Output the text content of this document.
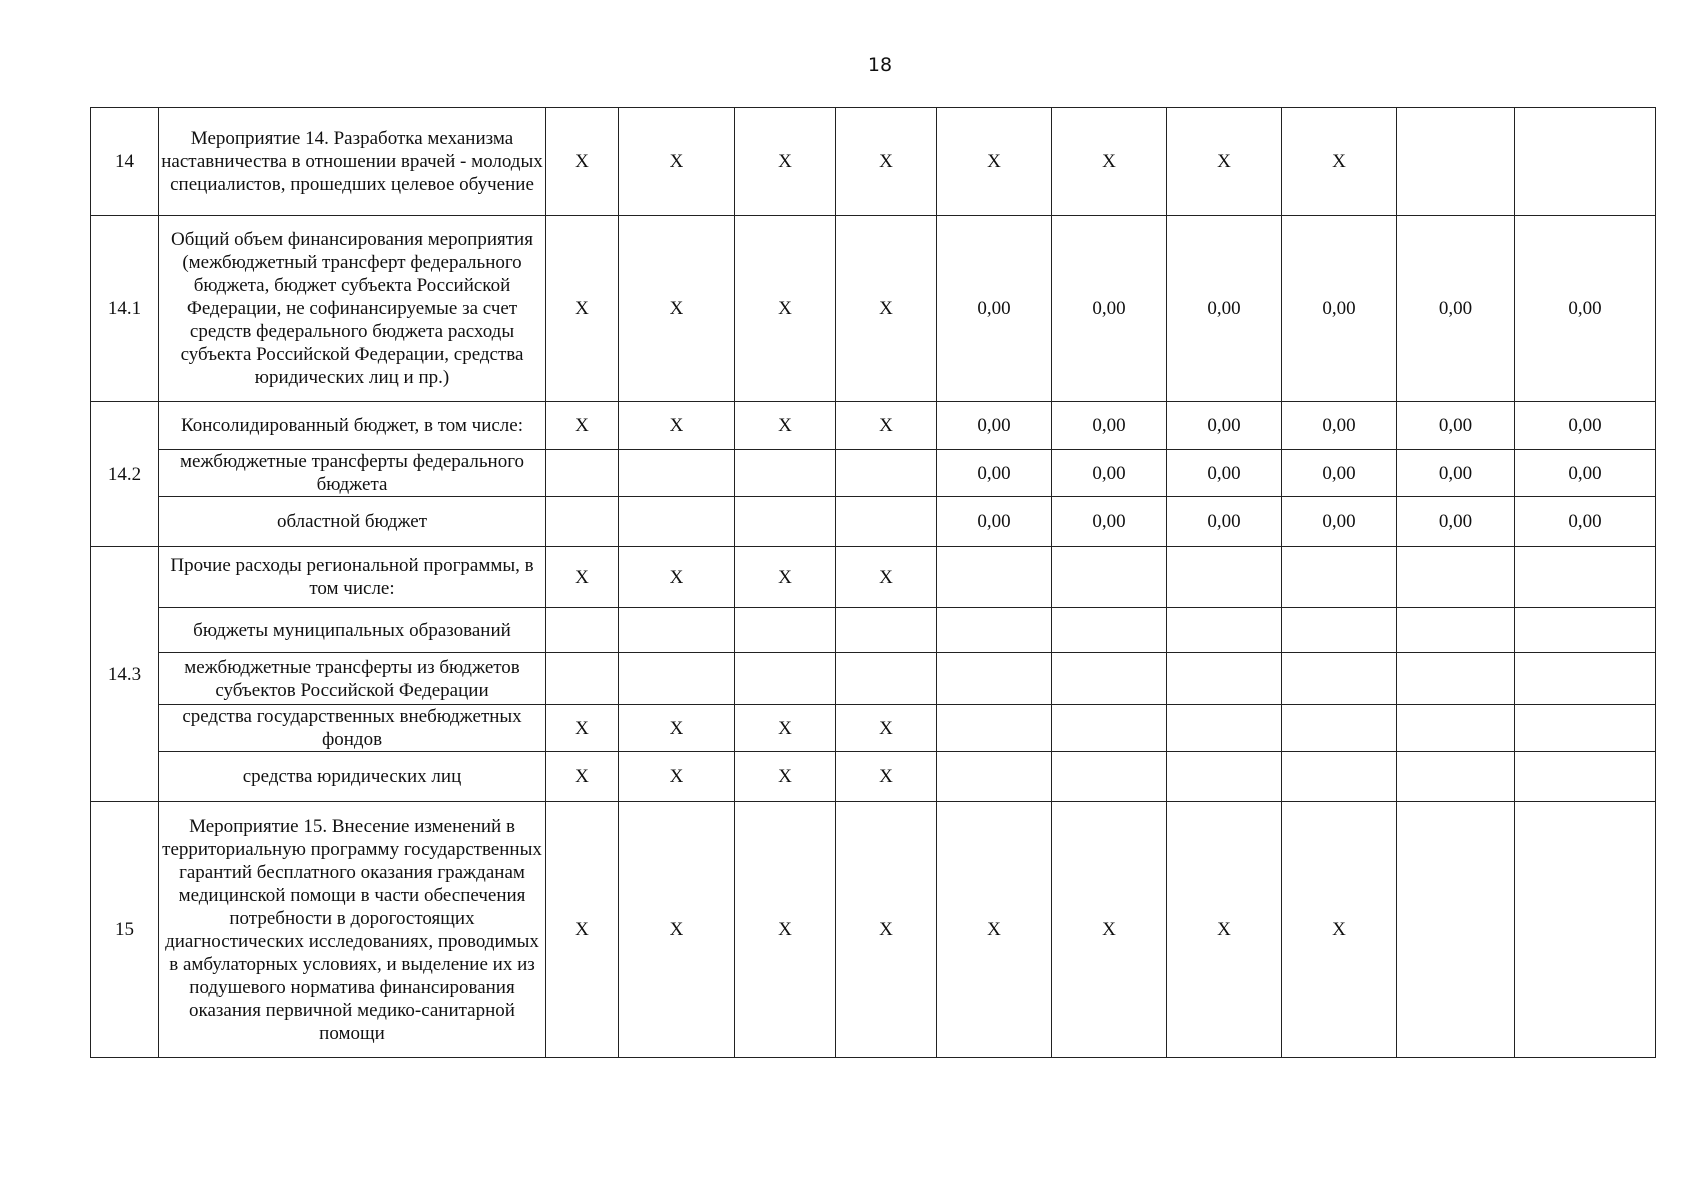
18
14	Мероприятие 14. Разработка механизма наставничества в отношении врачей - молодых специалистов, прошедших целевое обучение	X	X	X	X	X	X	X	X		
14.1	Общий объем финансирования мероприятия (межбюджетный трансферт федерального бюджета, бюджет субъекта Российской Федерации, не софинансируемые за счет средств федерального бюджета расходы субъекта Российской Федерации, средства юридических лиц и пр.)	X	X	X	X	0,00	0,00	0,00	0,00	0,00	0,00
14.2	Консолидированный бюджет, в том числе:	X	X	X	X	0,00	0,00	0,00	0,00	0,00	0,00
	межбюджетные трансферты федерального бюджета					0,00	0,00	0,00	0,00	0,00	0,00
	областной бюджет					0,00	0,00	0,00	0,00	0,00	0,00
14.3	Прочие расходы региональной программы, в том числе:	X	X	X	X						
	бюджеты муниципальных образований										
	межбюджетные трансферты из бюджетов субъектов Российской Федерации										
	средства государственных внебюджетных фондов	X	X	X	X						
	средства юридических лиц	X	X	X	X						
15	Мероприятие 15. Внесение изменений в территориальную программу государственных гарантий бесплатного оказания гражданам медицинской помощи в части обеспечения потребности в дорогостоящих диагностических исследованиях, проводимых в амбулаторных условиях, и выделение их из подушевого норматива финансирования оказания первичной медико-санитарной помощи	X	X	X	X	X	X	X	X		
